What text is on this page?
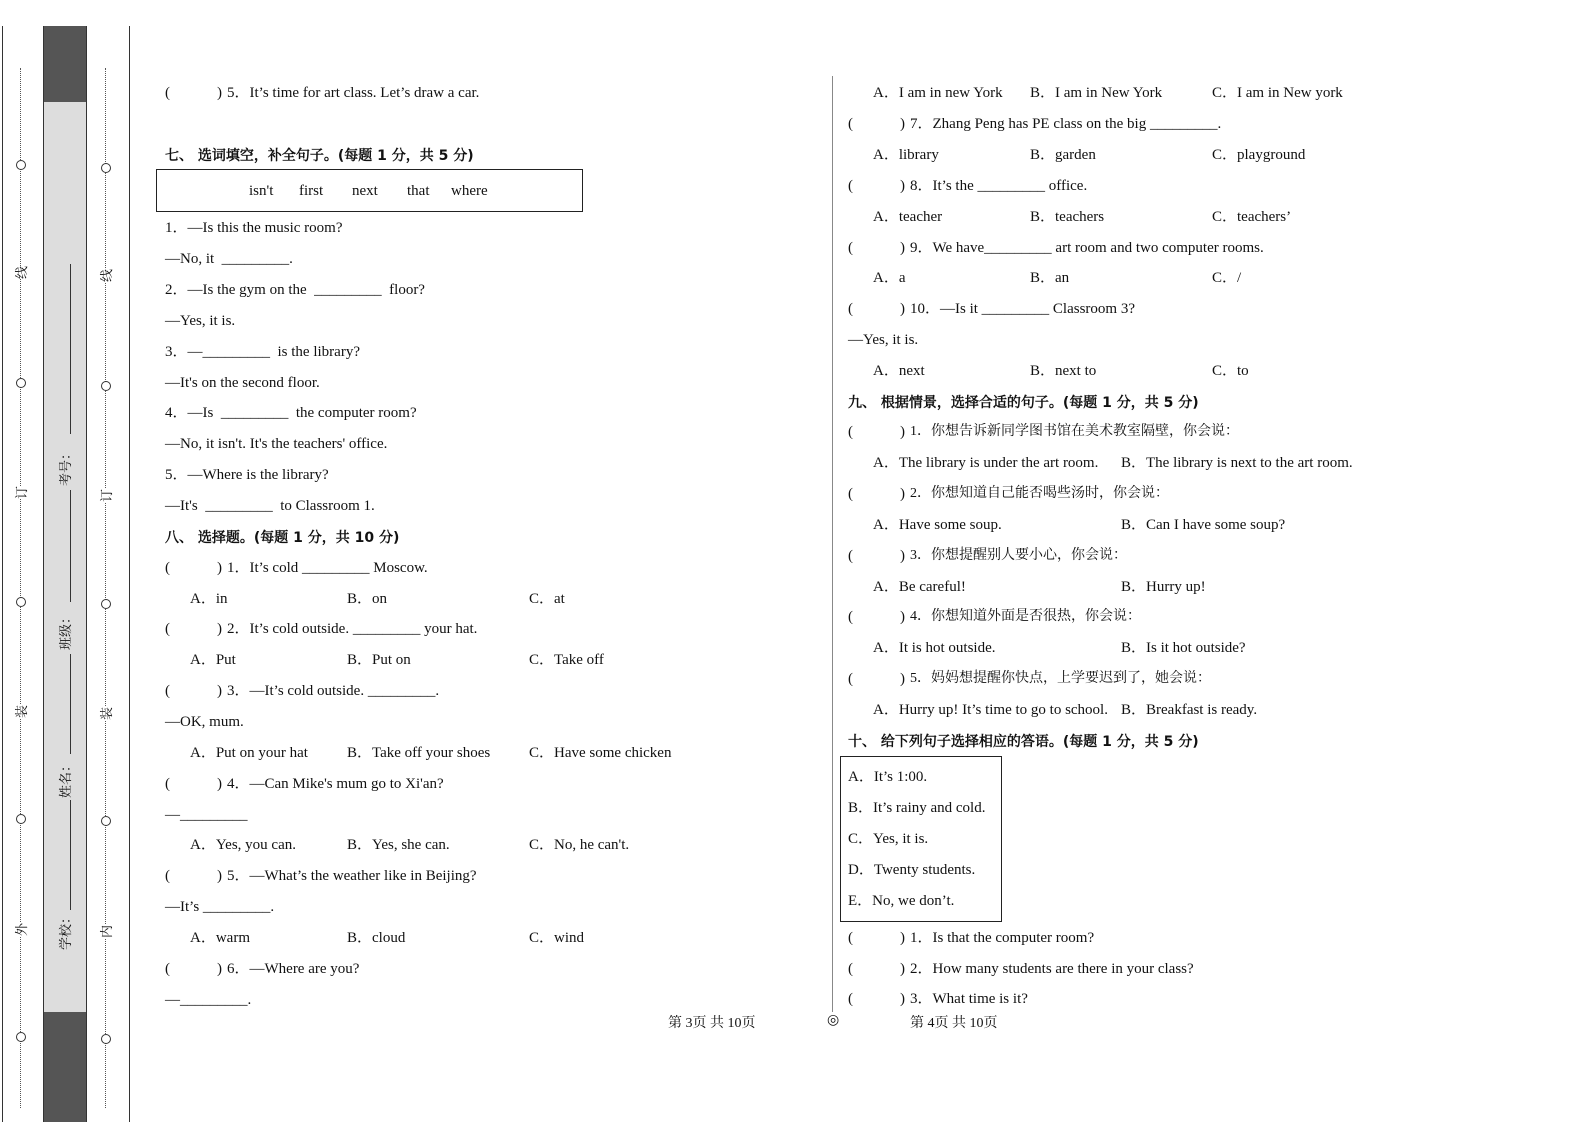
线
订
装
外
线
订
装
内
考号：
班级：
姓名：
学校：
(	) 5．It’s time for art class. Let’s draw a car.
七、 选词填空，补全句子。(每题 1 分，共 5 分)
isn't first next that where
1．—Is this the music room?
—No, it  _________.
2．—Is the gym on the  _________  floor?
—Yes, it is.
3．—_________  is the library?
—It's on the second floor.
4．—Is  _________  the computer room?
—No, it isn't. It's the teachers' office.
5．—Where is the library?
—It's  _________  to Classroom 1.
八、 选择题。(每题 1 分，共 10 分)
(	) 1．It’s cold _________ Moscow.
A．in	B．on	C．at
(	) 2．It’s cold outside. _________ your hat.
A．Put	B．Put on	C．Take off
(	) 3．—It’s cold outside. _________.
—OK, mum.
A．Put on your hat	B．Take off your shoes	C．Have some chicken
(	) 4．—Can Mike's mum go to Xi'an?
—_________
A．Yes, you can.	B．Yes, she can.	C．No, he can't.
(	) 5．—What’s the weather like in Beijing?
—It’s _________.
A．warm	B．cloud	C．wind
(	) 6．—Where are you?
—_________.
第 3页 共 10页	◎
A．I am in new York B．I am in New York	C．I am in New york
(	) 7．Zhang Peng has PE class on the big _________.
A．library	B．garden	C．playground
(	) 8．It’s the _________ office.
A．teacher	B．teachers	C．teachers’
(	) 9．We have_________ art room and two computer rooms.
A．a	B．an	C．/
(	) 10．—Is it _________ Classroom 3?
—Yes, it is.
A．next	B．next to	C．to
九、 根据情景，选择合适的句子。(每题 1 分，共 5 分)
(	) 1．你想告诉新同学图书馆在美术教室隔壁，你会说：
A．The library is under the art room. B．The library is next to the art room.
(	) 2．你想知道自己能否喝些汤时，你会说：
A．Have some soup.	B．Can I have some soup?
(	) 3．你想提醒别人要小心，你会说：
A．Be careful!	B．Hurry up!
(	) 4．你想知道外面是否很热，你会说：
A．It is hot outside.	B．Is it hot outside?
(	) 5．妈妈想提醒你快点，上学要迟到了，她会说：
A．Hurry up! It’s time to go to school. B．Breakfast is ready.
十、 给下列句子选择相应的答语。(每题 1 分，共 5 分)
A．It’s 1:00.
B．It’s rainy and cold.
C．Yes, it is.
D．Twenty students.
E．No, we don’t.
(	) 1．Is that the computer room?
(	) 2．How many students are there in your class?
(	) 3．What time is it?
第 4页 共 10页
